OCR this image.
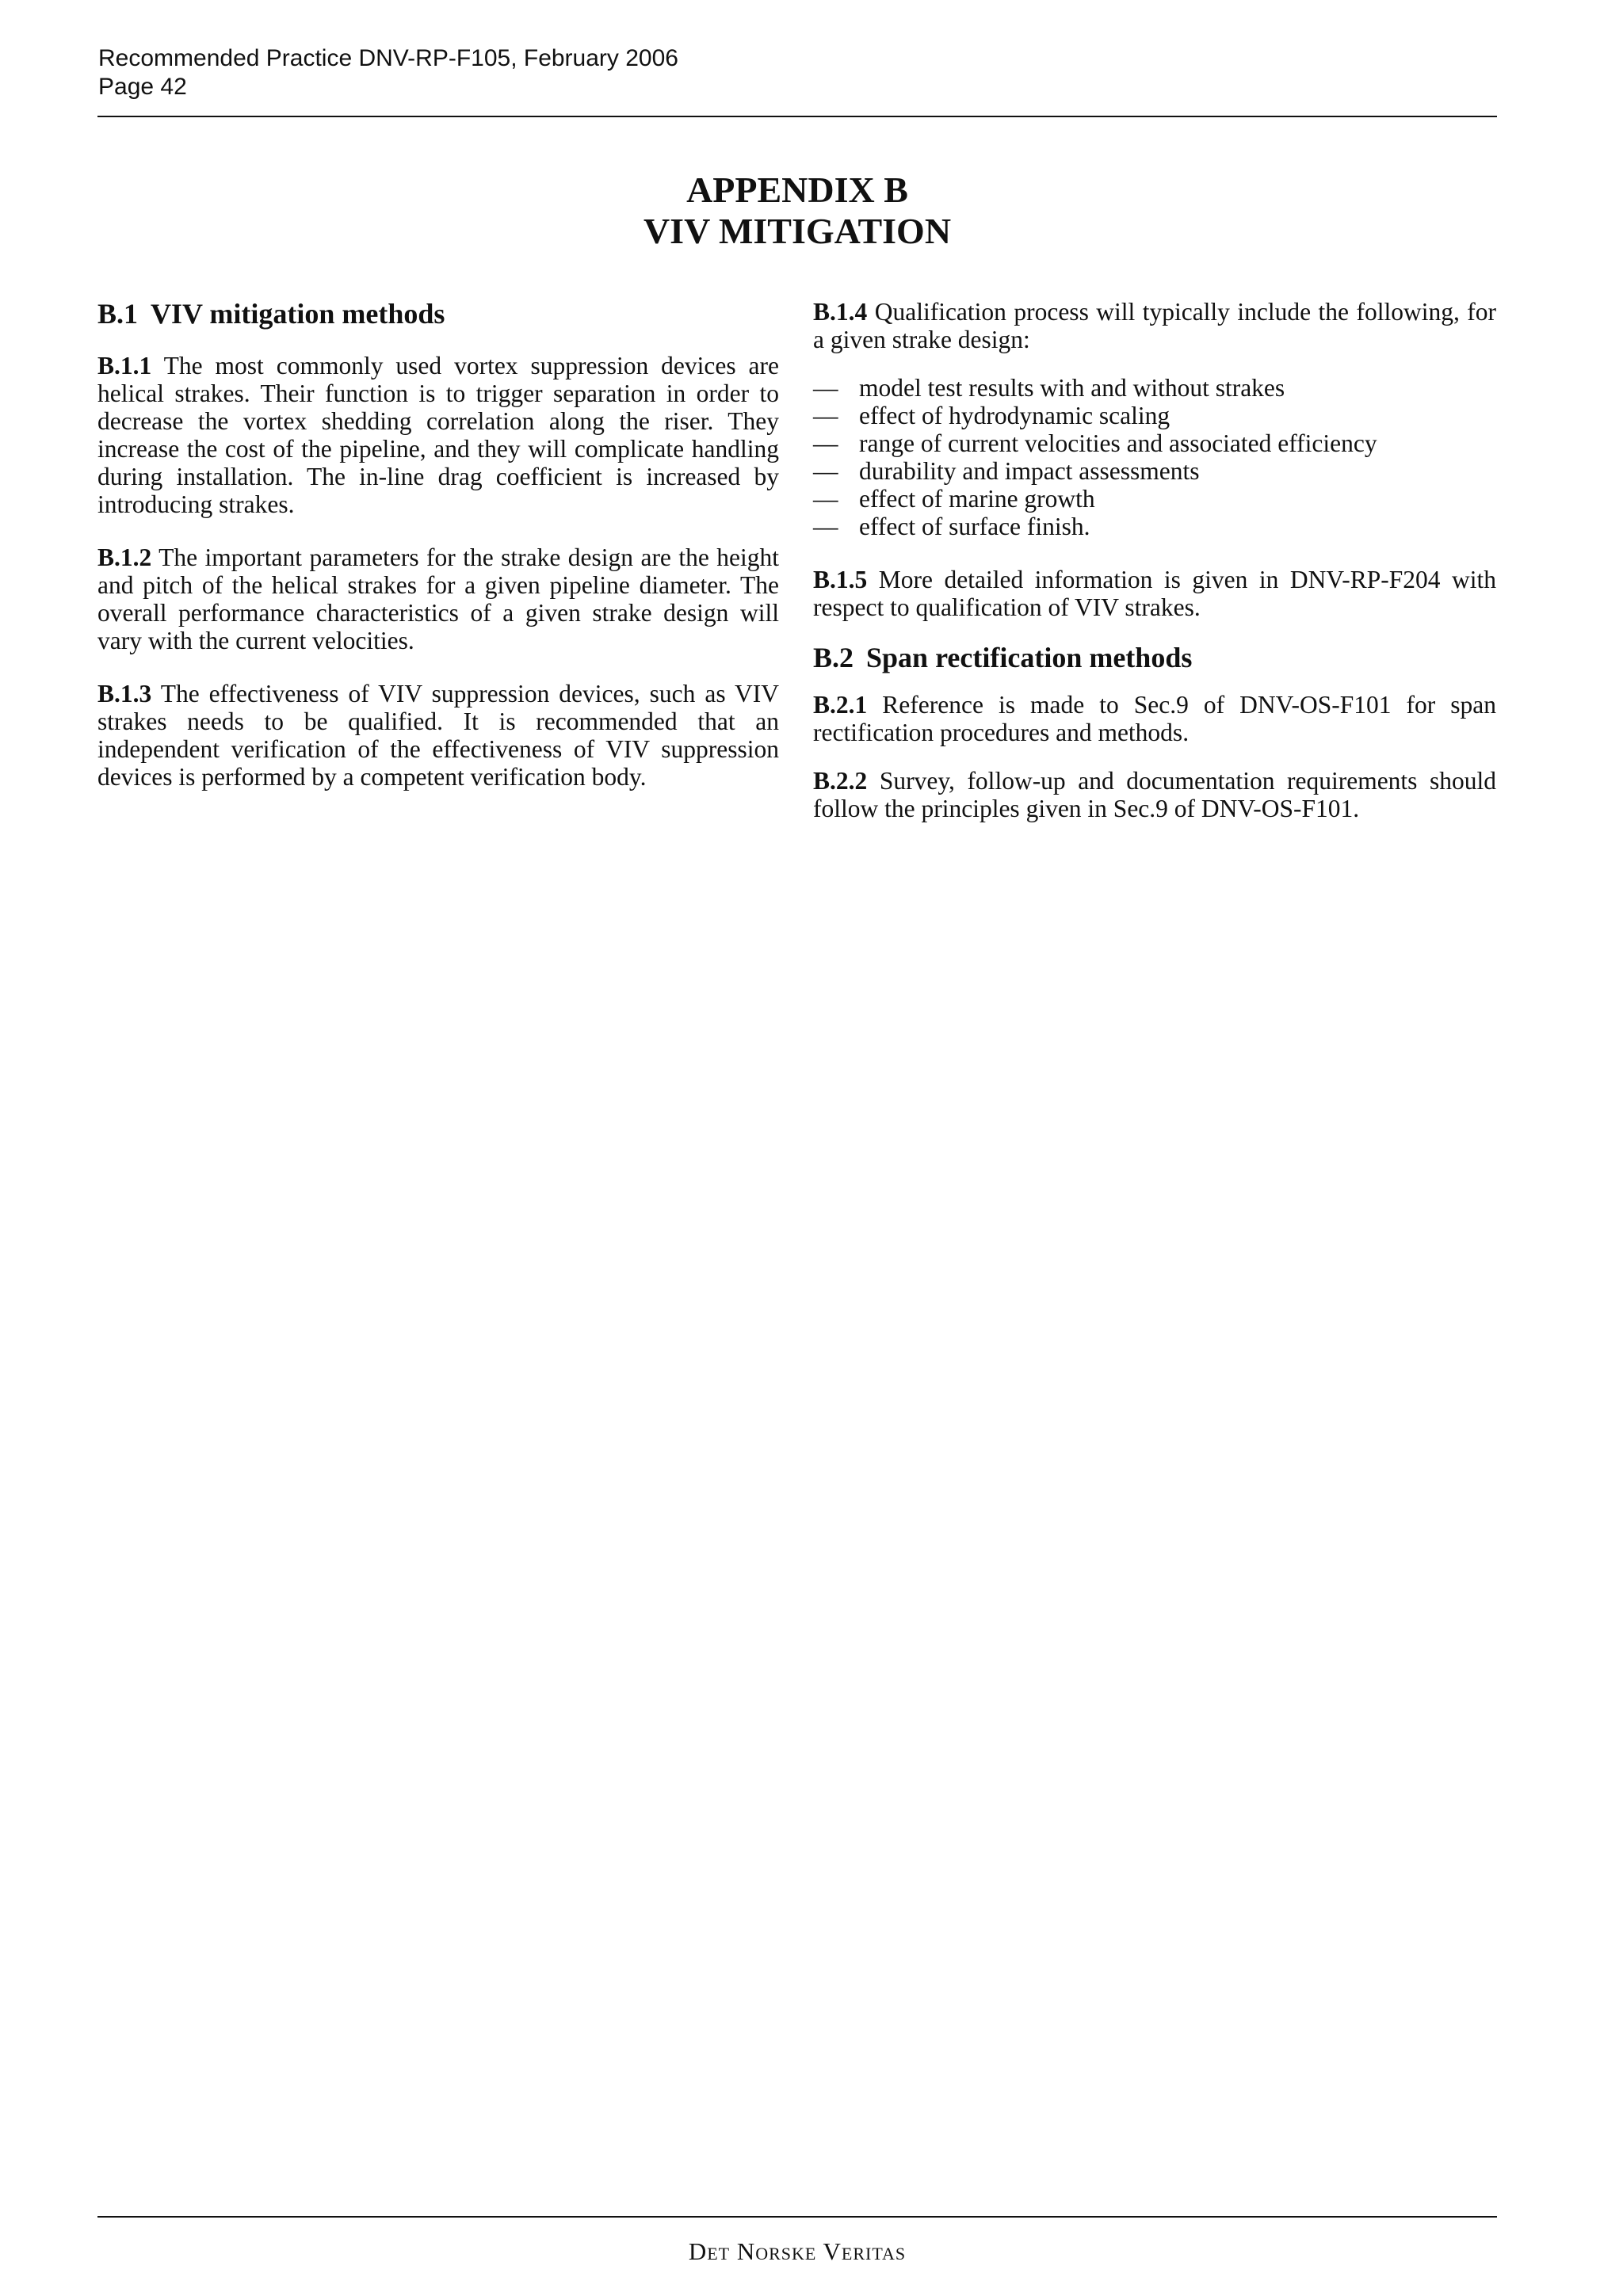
Recommended Practice DNV-RP-F105, February 2006
Page 42
APPENDIX B
VIV MITIGATION
B.1 VIV mitigation methods

B.1.1 The most commonly used vortex suppression devices are helical strakes. Their function is to trigger separation in order to decrease the vortex shedding correlation along the riser. They increase the cost of the pipeline, and they will complicate handling during installation. The in-line drag coefficient is increased by introducing strakes.

B.1.2 The important parameters for the strake design are the height and pitch of the helical strakes for a given pipeline diameter. The overall performance characteristics of a given strake design will vary with the current velocities.

B.1.3 The effectiveness of VIV suppression devices, such as VIV strakes needs to be qualified. It is recommended that an independent verification of the effectiveness of VIV suppression devices is performed by a competent verification body.

B.1.4 Qualification process will typically include the following, for a given strake design:

— model test results with and without strakes
— effect of hydrodynamic scaling
— range of current velocities and associated efficiency
— durability and impact assessments
— effect of marine growth
— effect of surface finish.

B.1.5 More detailed information is given in DNV-RP-F204 with respect to qualification of VIV strakes.

B.2 Span rectification methods

B.2.1 Reference is made to Sec.9 of DNV-OS-F101 for span rectification procedures and methods.

B.2.2 Survey, follow-up and documentation requirements should follow the principles given in Sec.9 of DNV-OS-F101.

Det Norske Veritas
